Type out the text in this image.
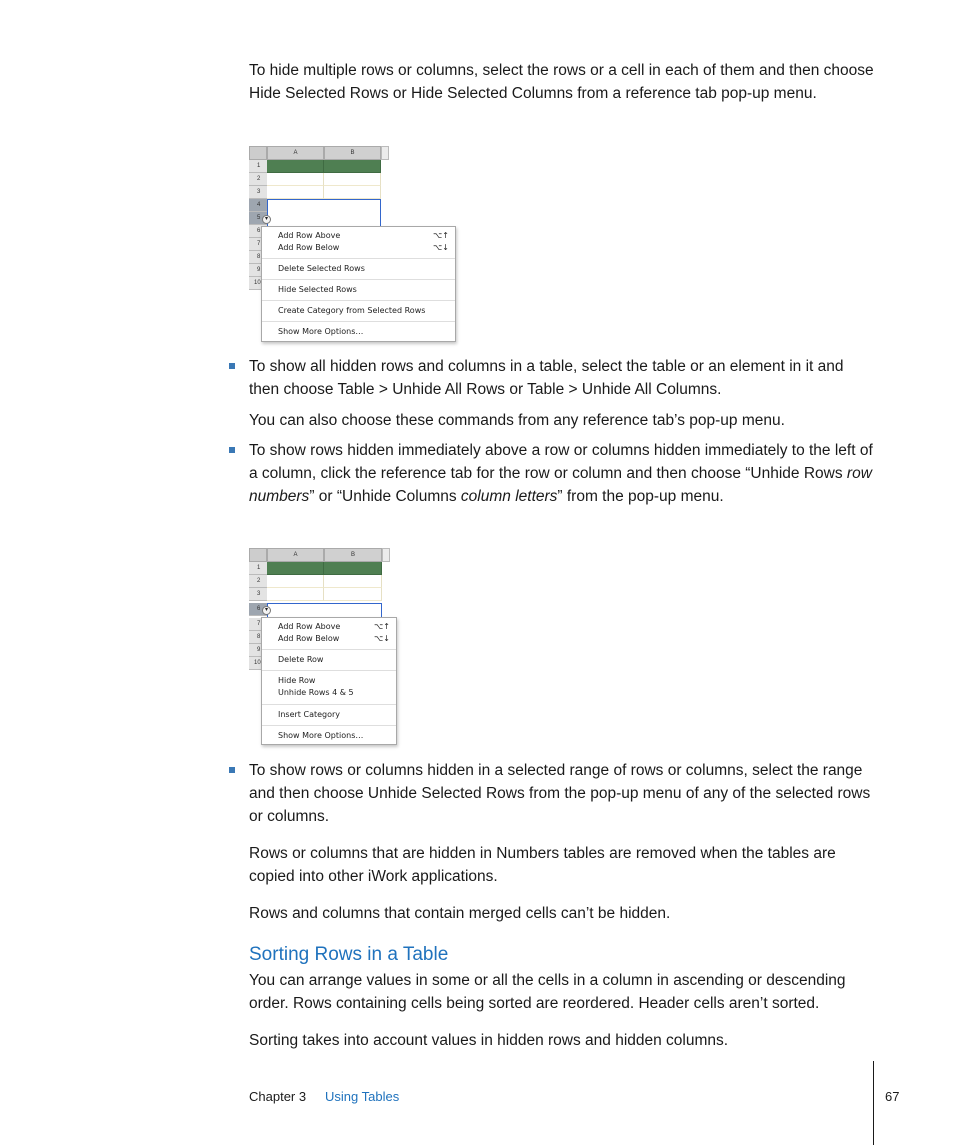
To hide multiple rows or columns, select the rows or a cell in each of them and then choose Hide Selected Rows or Hide Selected Columns from a reference tab pop-up menu.

A	B
1
2
3
4
5
6
7
8
9
10
▾
Add Row Above	⌥↑
Add Row Below	⌥↓
Delete Selected Rows
Hide Selected Rows
Create Category from Selected Rows
Show More Options…

To show all hidden rows and columns in a table, select the table or an element in it and then choose Table > Unhide All Rows or Table > Unhide All Columns.

You can also choose these commands from any reference tab’s pop-up menu.

To show rows hidden immediately above a row or columns hidden immediately to the left of a column, click the reference tab for the row or column and then choose “Unhide Rows row numbers” or “Unhide Columns column letters” from the pop-up menu.

A	B
1
2
3
6
7
8
9
10
▾
Add Row Above	⌥↑
Add Row Below	⌥↓
Delete Row
Hide Row
Unhide Rows 4 & 5
Insert Category
Show More Options…

To show rows or columns hidden in a selected range of rows or columns, select the range and then choose Unhide Selected Rows from the pop-up menu of any of the selected rows or columns.

Rows or columns that are hidden in Numbers tables are removed when the tables are copied into other iWork applications.

Rows and columns that contain merged cells can’t be hidden.

Sorting Rows in a Table

You can arrange values in some or all the cells in a column in ascending or descending order. Rows containing cells being sorted are reordered. Header cells aren’t sorted.

Sorting takes into account values in hidden rows and hidden columns.

Chapter 3 Using Tables	67
